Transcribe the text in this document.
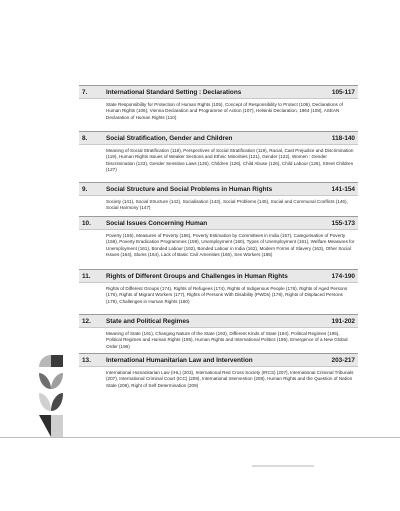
7.	International Standard Setting : Declarations	105-117
State Responsibility for Protection of Human Rights (105), Concept of Responsibility to Protect (106), Declarations of Human Rights (106), Vienna Declaration and Programme of Action (107), Helsinki Declaration, 1964 (108), ASEAN Declaration of Human Rights (110)
8.	Social Stratification, Gender and Children	118-140
Meaning of Social Stratification (118), Perspectives of Social Stratification (119), Racial, Cast Prejudice and Discrimination (119), Human Rights Issues of Weaker Sections and Ethnic Minorities (121), Gender (122), Women : Gender Discrimination (123), Gender Sensitive Laws (125), Children (126), Child Abuse (126), Child Labour (126), Street Children (127)
9.	Social Structure and Social Problems in Human Rights	141-154
Society (141), Social Structure (142), Socialisation (143), Social Problems (145), Social and Communal Conflicts (146), Social Harmony (147)
10.	Social Issues Concerning Human	155-173
Poverty (155), Measures of Poverty (156), Poverty Estimation by Committees in India (157), Categorisation of Poverty (158), Poverty Eradication Programmes (159), Unemployment (160), Types of Unemployment (161), Welfare Measures for Unemployment (161), Bonded Labour (162), Bonded Labour in India (162), Modern Forms of Slavery (163), Other Social Issues (164), Slums (164), Lack of Basic Civil Amenities (165), Sex Workers (165)
11.	Rights of Different Groups and Challenges in Human Rights	174-190
Rights of Different Groups (174), Rights of Refugees (174), Rights of Indigenous People (176), Rights of Aged Persons (176), Rights of Migrant Workers (177), Rights of Persons With Disability (PWDs) (178), Rights of Displaced Persons (179), Challenges in Human Rights (180)
12.	State and Political Regimes	191-202
Meaning of State (191), Changing Nature of the State (193), Different Kinds of State (194), Political Regimes (195), Political Regimes and Human Rights (195), Human Rights and International Politics (195), Emergence of a New Global Order (196)
13.	International Humanitarian Law and Intervention	203-217
International Humanitarian Law (IHL) (203), International Red Cross Society (IRCS) (207), International Criminal Tribunals (207), International Criminal Court (ICC) (208), International Intervention (208), Human Rights and the Question of Nation State (208), Right of Self Determination (209)
